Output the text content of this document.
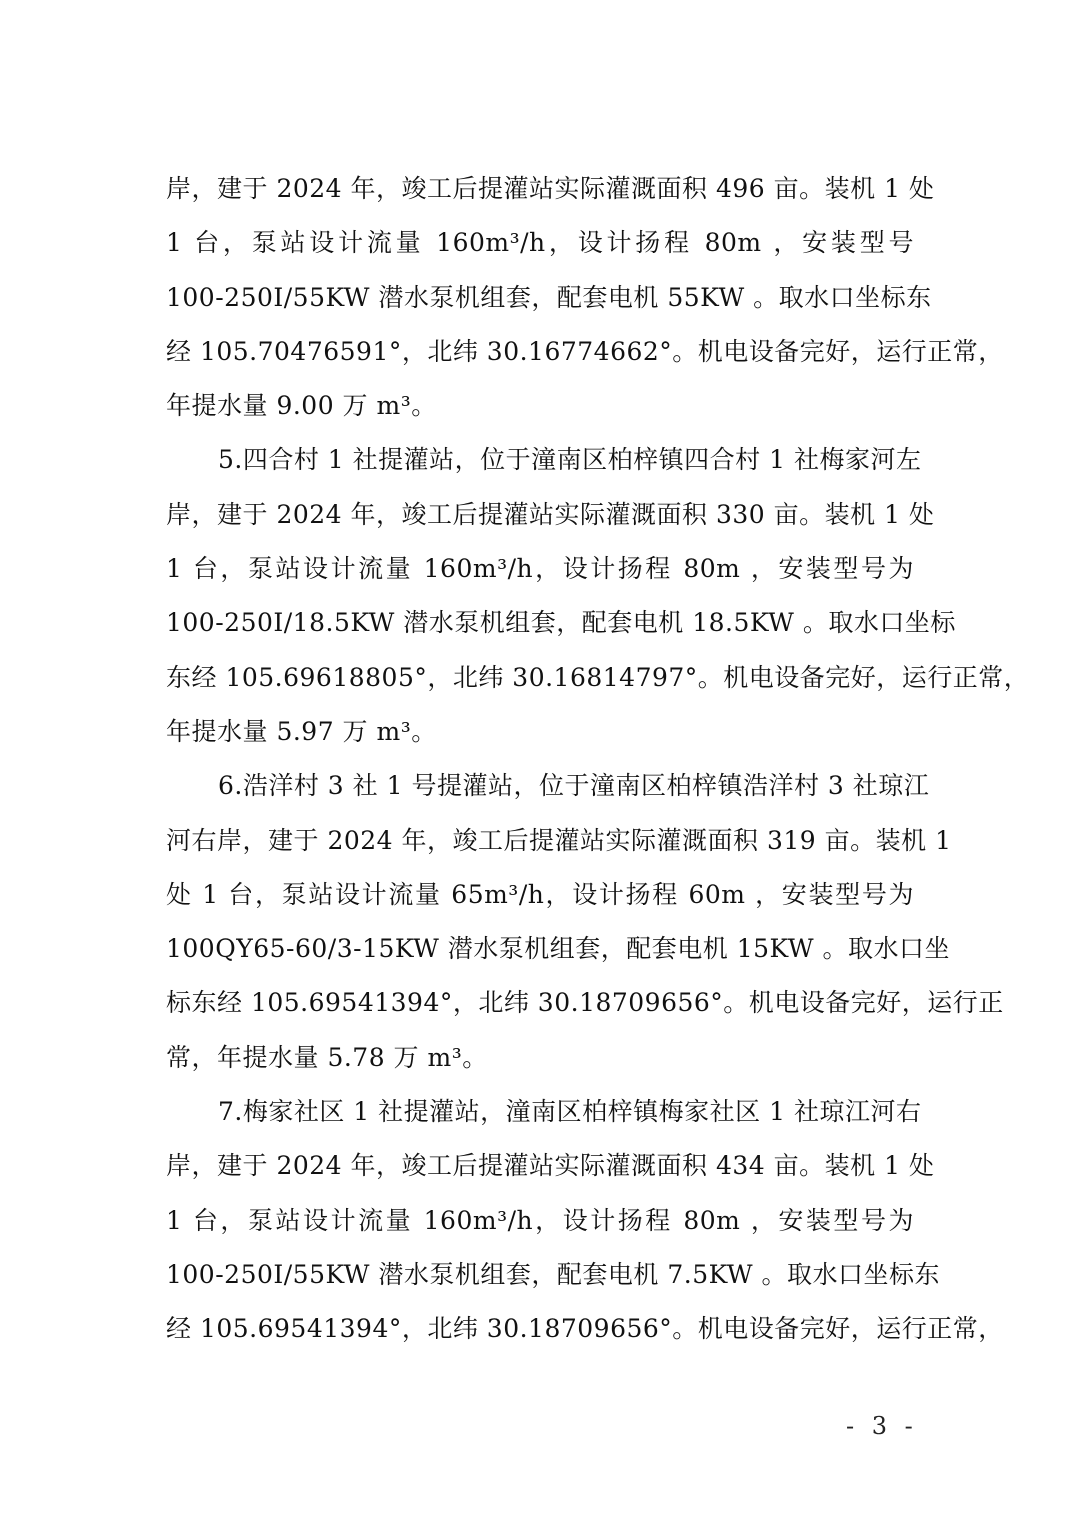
岸，建于 2024 年，竣工后提灌站实际灌溉面积 496 亩。装机 1 处
1 台，泵站设计流量 160m³/h，设计扬程 80m ，安装型号
100-250I/55KW 潜水泵机组套，配套电机 55KW 。取水口坐标东
经 105.70476591°，北纬 30.16774662°。机电设备完好，运行正常，
年提水量 9.00 万 m³。
5.四合村 1 社提灌站，位于潼南区柏梓镇四合村 1 社梅家河左
岸，建于 2024 年，竣工后提灌站实际灌溉面积 330 亩。装机 1 处
1 台，泵站设计流量 160m³/h，设计扬程 80m ，安装型号为
100-250I/18.5KW 潜水泵机组套，配套电机 18.5KW 。取水口坐标
东经 105.69618805°，北纬 30.16814797°。机电设备完好，运行正常，
年提水量 5.97 万 m³。
6.浩洋村 3 社 1 号提灌站，位于潼南区柏梓镇浩洋村 3 社琼江
河右岸，建于 2024 年，竣工后提灌站实际灌溉面积 319 亩。装机 1
处 1 台，泵站设计流量 65m³/h，设计扬程 60m ，安装型号为
100QY65-60/3-15KW 潜水泵机组套，配套电机 15KW 。取水口坐
标东经 105.69541394°，北纬 30.18709656°。机电设备完好，运行正
常，年提水量 5.78 万 m³。
7.梅家社区 1 社提灌站，潼南区柏梓镇梅家社区 1 社琼江河右
岸，建于 2024 年，竣工后提灌站实际灌溉面积 434 亩。装机 1 处
1 台，泵站设计流量 160m³/h，设计扬程 80m ，安装型号为
100-250I/55KW 潜水泵机组套，配套电机 7.5KW 。取水口坐标东
经 105.69541394°，北纬 30.18709656°。机电设备完好，运行正常，
- 3 -
